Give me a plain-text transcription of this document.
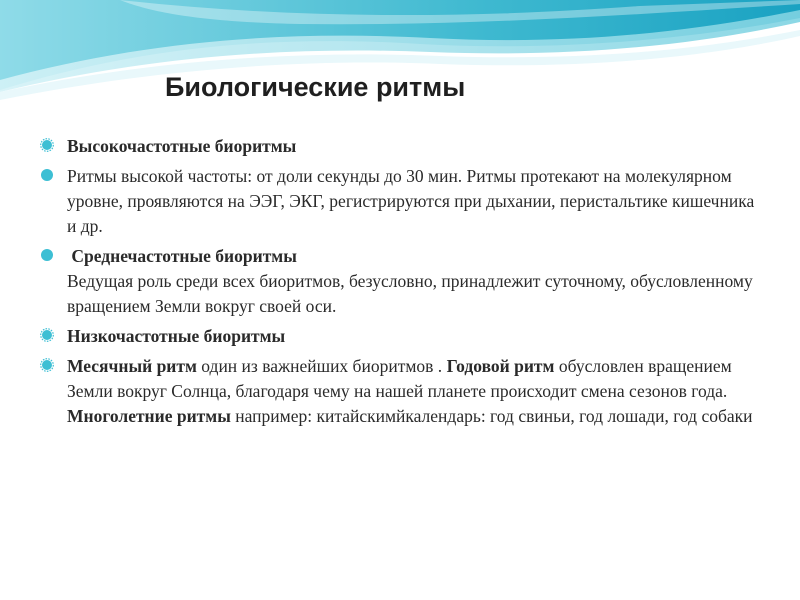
Биологические ритмы
Высокочастотные биоритмы
Ритмы высокой частоты: от доли секунды до 30 мин. Ритмы протекают на молекулярном уровне, проявляются на ЭЭГ, ЭКГ, регистрируются при дыхании, перистальтике кишечника и др.
Среднечастотные биоритмы
Ведущая роль среди всех биоритмов, безусловно, принадлежит суточному, обусловленному вращением Земли вокруг своей оси.
Низкочастотные биоритмы
Месячный ритм один из важнейших биоритмов . Годовой ритм обусловлен вращением Земли вокруг Солнца, благодаря чему на нашей планете происходит смена сезонов года. Многолетние ритмы например: китайскимйкалендарь: год свиньи, год лошади, год собаки
